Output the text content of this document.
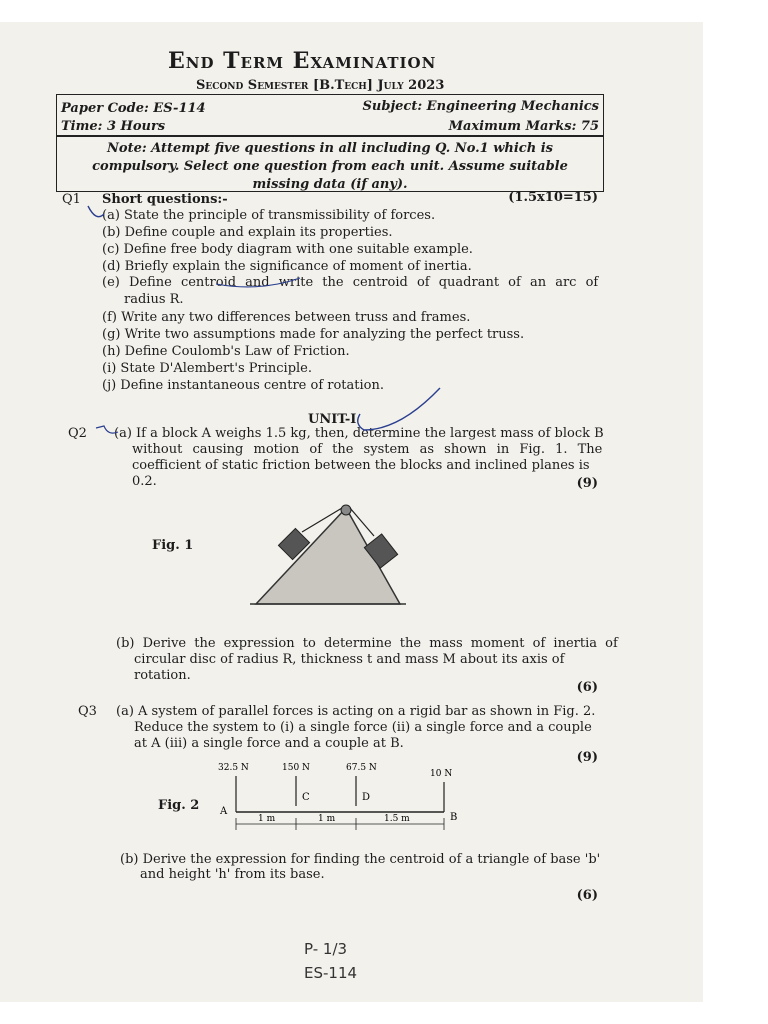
End Term Examination
Second Semester [B.Tech] July 2023
Paper Code: ES-114	Subject: Engineering Mechanics
Time: 3 Hours	Maximum Marks: 75
Note: Attempt five questions in all including Q. No.1 which is compulsory. Select one question from each unit. Assume suitable missing data (if any).
Q1 Short questions:-	(1.5x10=15)
(a) State the principle of transmissibility of forces.
(b) Define couple and explain its properties.
(c) Define free body diagram with one suitable example.
(d) Briefly explain the significance of moment of inertia.
(e) Define centroid and write the centroid of quadrant of an arc of
radius R.
(f) Write any two differences between truss and frames.
(g) Write two assumptions made for analyzing the perfect truss.
(h) Define Coulomb's Law of Friction.
(i) State D'Alembert's Principle.
(j) Define instantaneous centre of rotation.
UNIT-I
Q2 (a) If a block A weighs 1.5 kg, then, determine the largest mass of block B
without causing motion of the system as shown in Fig. 1. The
coefficient of static friction between the blocks and inclined planes is
0.2.	(9)
Fig. 1
(b) Derive the expression to determine the mass moment of inertia of
circular disc of radius R, thickness t and mass M about its axis of
rotation.
(6)
Q3 (a) A system of parallel forces is acting on a rigid bar as shown in Fig. 2.
Reduce the system to (i) a single force (ii) a single force and a couple
at A (iii) a single force and a couple at B.
(9)
Fig. 2
32.5 N	150 N	67.5 N
10 N
A
C	D
B
1 m	1 m	1.5 m
(b) Derive the expression for finding the centroid of a triangle of base 'b'
and height 'h' from its base.
(6)
P- 1/3
ES-114
